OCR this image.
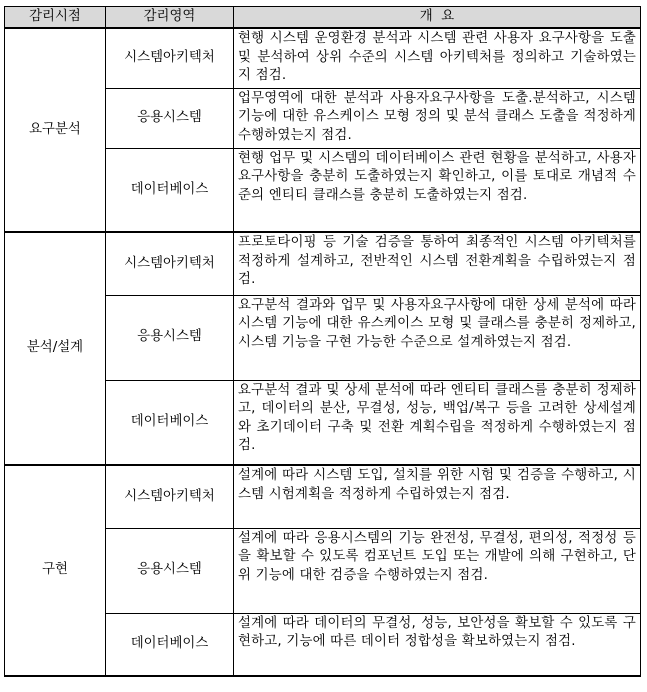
감리시점	감리영역	개  요
요구분석	시스템아키텍처	현행 시스템 운영환경 분석과 시스템 관련 사용자 요구사항을 도출 및 분석하여 상위 수준의 시스템 아키텍처를 정의하고 기술하였는지 점검.
	응용시스템	업무영역에 대한 분석과 사용자요구사항을 도출.분석하고, 시스템 기능에 대한 유스케이스 모형 정의 및 분석 클래스 도출을 적정하게 수행하였는지 점검.
	데이터베이스	현행 업무 및 시스템의 데이터베이스 관련 현황을 분석하고, 사용자 요구사항을 충분히 도출하였는지 확인하고, 이를 토대로 개념적 수준의 엔티티 클래스를 충분히 도출하였는지 점검.
분석/설계	시스템아키텍처	프로토타이핑 등 기술 검증을 통하여 최종적인 시스템 아키텍처를 적정하게 설계하고, 전반적인 시스템 전환계획을 수립하였는지 점검.
	응용시스템	요구분석 결과와 업무 및 사용자요구사항에 대한 상세 분석에 따라 시스템 기능에 대한 유스케이스 모형 및 클래스를 충분히 정제하고, 시스템 기능을 구현 가능한 수준으로 설계하였는지 점검.
	데이터베이스	요구분석 결과 및 상세 분석에 따라 엔티티 클래스를 충분히 정제하고, 데이터의 분산, 무결성, 성능, 백업/복구 등을 고려한 상세설계와 초기데이터 구축 및 전환 계획수립을 적정하게 수행하였는지 점검.
구현	시스템아키텍처	설계에 따라 시스템 도입, 설치를 위한 시험 및 검증을 수행하고, 시스템 시험계획을 적정하게 수립하였는지 점검.
	응용시스템	설계에 따라 응용시스템의 기능 완전성, 무결성, 편의성, 적정성 등을 확보할 수 있도록 컴포넌트 도입 또는 개발에 의해 구현하고, 단위 기능에 대한 검증을 수행하였는지 점검.
	데이터베이스	설계에 따라 데이터의 무결성, 성능, 보안성을 확보할 수 있도록 구현하고, 기능에 따른 데이터 정합성을 확보하였는지 점검.
